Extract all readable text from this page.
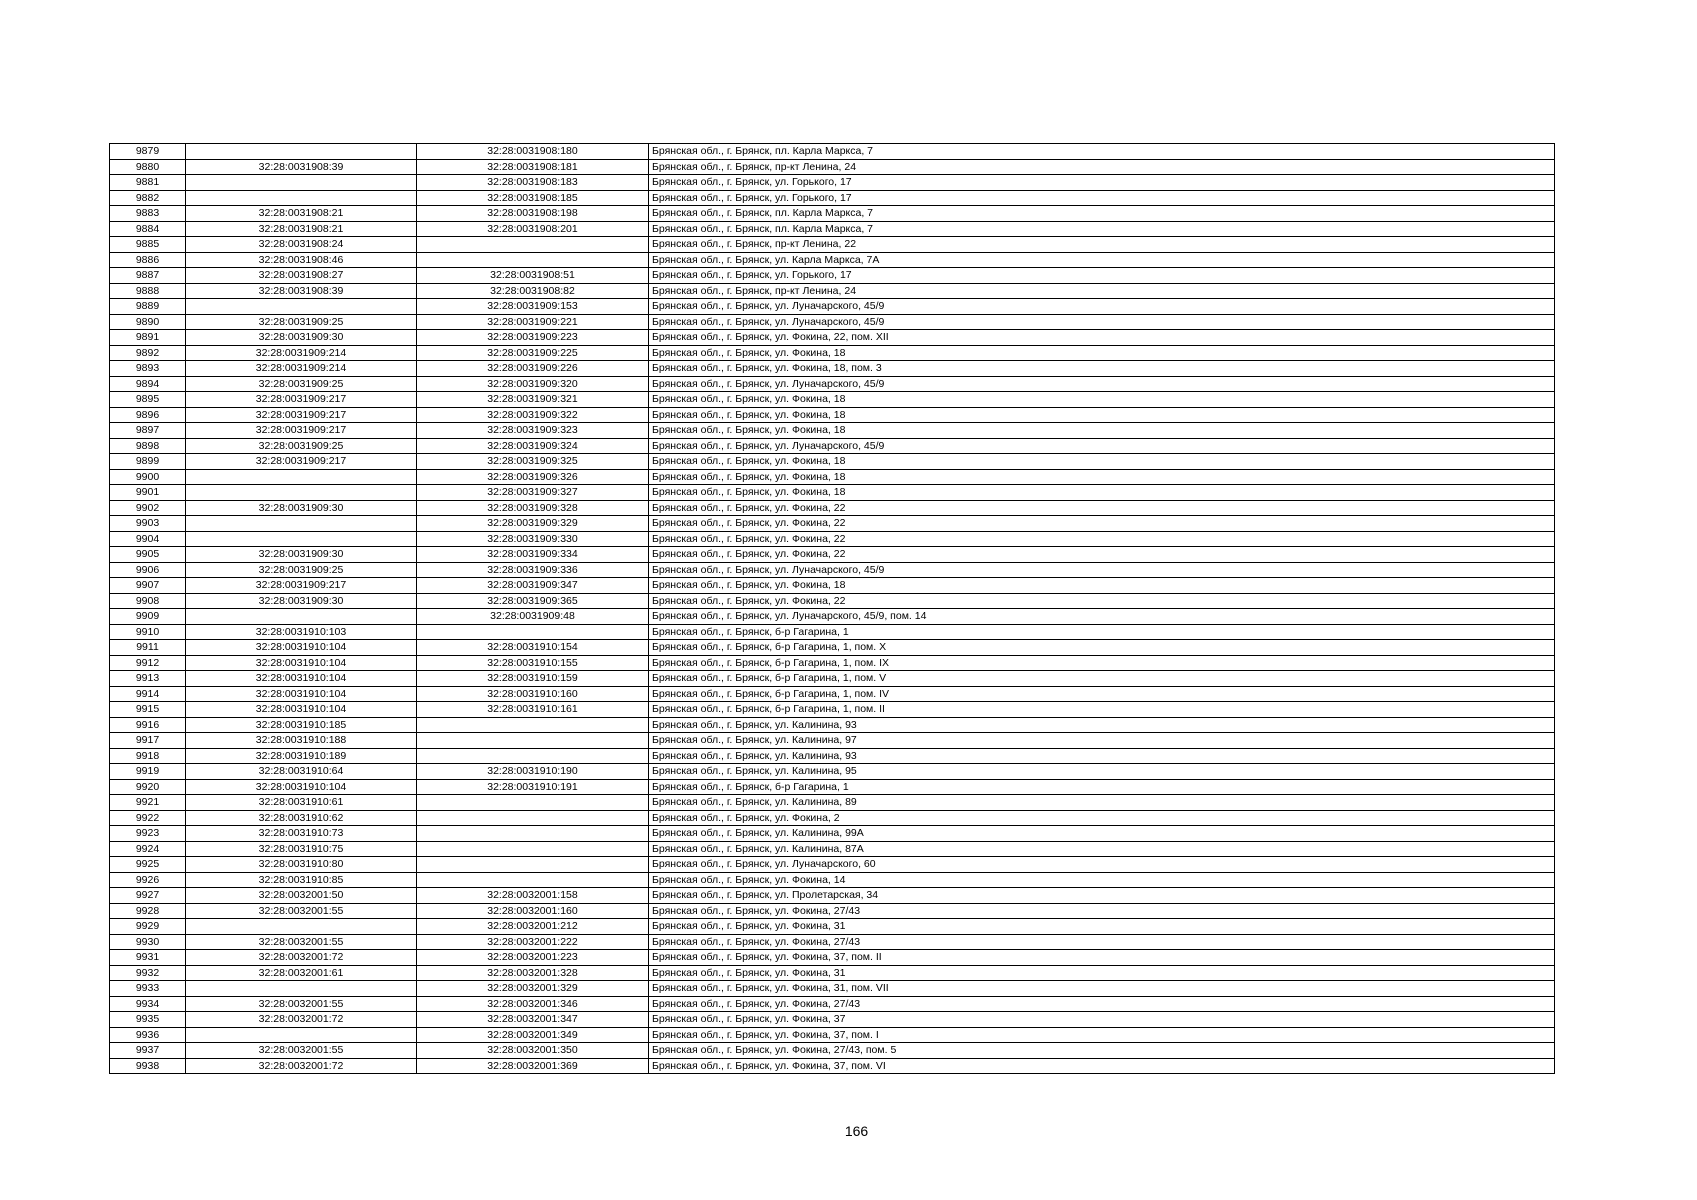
9879		32:28:0031908:180	Брянская обл., г. Брянск, пл. Карла Маркса, 7
9880	32:28:0031908:39	32:28:0031908:181	Брянская обл., г. Брянск, пр-кт Ленина, 24
9881		32:28:0031908:183	Брянская обл., г. Брянск, ул. Горького, 17
9882		32:28:0031908:185	Брянская обл., г. Брянск, ул. Горького, 17
9883	32:28:0031908:21	32:28:0031908:198	Брянская обл., г. Брянск, пл. Карла Маркса, 7
9884	32:28:0031908:21	32:28:0031908:201	Брянская обл., г. Брянск, пл. Карла Маркса, 7
9885	32:28:0031908:24		Брянская обл., г. Брянск, пр-кт Ленина, 22
9886	32:28:0031908:46		Брянская обл., г. Брянск, ул. Карла Маркса, 7А
9887	32:28:0031908:27	32:28:0031908:51	Брянская обл., г. Брянск, ул. Горького, 17
9888	32:28:0031908:39	32:28:0031908:82	Брянская обл., г. Брянск, пр-кт Ленина, 24
9889		32:28:0031909:153	Брянская обл., г. Брянск, ул. Луначарского, 45/9
9890	32:28:0031909:25	32:28:0031909:221	Брянская обл., г. Брянск, ул. Луначарского, 45/9
9891	32:28:0031909:30	32:28:0031909:223	Брянская обл., г. Брянск, ул. Фокина, 22, пом. XII
9892	32:28:0031909:214	32:28:0031909:225	Брянская обл., г. Брянск, ул. Фокина, 18
9893	32:28:0031909:214	32:28:0031909:226	Брянская обл., г. Брянск, ул. Фокина, 18, пом. 3
9894	32:28:0031909:25	32:28:0031909:320	Брянская обл., г. Брянск, ул. Луначарского, 45/9
9895	32:28:0031909:217	32:28:0031909:321	Брянская обл., г. Брянск, ул. Фокина, 18
9896	32:28:0031909:217	32:28:0031909:322	Брянская обл., г. Брянск, ул. Фокина, 18
9897	32:28:0031909:217	32:28:0031909:323	Брянская обл., г. Брянск, ул. Фокина, 18
9898	32:28:0031909:25	32:28:0031909:324	Брянская обл., г. Брянск, ул. Луначарского, 45/9
9899	32:28:0031909:217	32:28:0031909:325	Брянская обл., г. Брянск, ул. Фокина, 18
9900		32:28:0031909:326	Брянская обл., г. Брянск, ул. Фокина, 18
9901		32:28:0031909:327	Брянская обл., г. Брянск, ул. Фокина, 18
9902	32:28:0031909:30	32:28:0031909:328	Брянская обл., г. Брянск, ул. Фокина, 22
9903		32:28:0031909:329	Брянская обл., г. Брянск, ул. Фокина, 22
9904		32:28:0031909:330	Брянская обл., г. Брянск, ул. Фокина, 22
9905	32:28:0031909:30	32:28:0031909:334	Брянская обл., г. Брянск, ул. Фокина, 22
9906	32:28:0031909:25	32:28:0031909:336	Брянская обл., г. Брянск, ул. Луначарского, 45/9
9907	32:28:0031909:217	32:28:0031909:347	Брянская обл., г. Брянск, ул. Фокина, 18
9908	32:28:0031909:30	32:28:0031909:365	Брянская обл., г. Брянск, ул. Фокина, 22
9909		32:28:0031909:48	Брянская обл., г. Брянск, ул. Луначарского, 45/9, пом. 14
9910	32:28:0031910:103		Брянская обл., г. Брянск, б-р Гагарина, 1
9911	32:28:0031910:104	32:28:0031910:154	Брянская обл., г. Брянск, б-р Гагарина, 1, пом. X
9912	32:28:0031910:104	32:28:0031910:155	Брянская обл., г. Брянск, б-р Гагарина, 1, пом. IX
9913	32:28:0031910:104	32:28:0031910:159	Брянская обл., г. Брянск, б-р Гагарина, 1, пом. V
9914	32:28:0031910:104	32:28:0031910:160	Брянская обл., г. Брянск, б-р Гагарина, 1, пом. IV
9915	32:28:0031910:104	32:28:0031910:161	Брянская обл., г. Брянск, б-р Гагарина, 1, пом. II
9916	32:28:0031910:185		Брянская обл., г. Брянск, ул. Калинина, 93
9917	32:28:0031910:188		Брянская обл., г. Брянск, ул. Калинина, 97
9918	32:28:0031910:189		Брянская обл., г. Брянск, ул. Калинина, 93
9919	32:28:0031910:64	32:28:0031910:190	Брянская обл., г. Брянск, ул. Калинина, 95
9920	32:28:0031910:104	32:28:0031910:191	Брянская обл., г. Брянск, б-р Гагарина, 1
9921	32:28:0031910:61		Брянская обл., г. Брянск, ул. Калинина, 89
9922	32:28:0031910:62		Брянская обл., г. Брянск, ул. Фокина, 2
9923	32:28:0031910:73		Брянская обл., г. Брянск, ул. Калинина, 99А
9924	32:28:0031910:75		Брянская обл., г. Брянск, ул. Калинина, 87А
9925	32:28:0031910:80		Брянская обл., г. Брянск, ул. Луначарского, 60
9926	32:28:0031910:85		Брянская обл., г. Брянск, ул. Фокина, 14
9927	32:28:0032001:50	32:28:0032001:158	Брянская обл., г. Брянск, ул. Пролетарская, 34
9928	32:28:0032001:55	32:28:0032001:160	Брянская обл., г. Брянск, ул. Фокина, 27/43
9929		32:28:0032001:212	Брянская обл., г. Брянск, ул. Фокина, 31
9930	32:28:0032001:55	32:28:0032001:222	Брянская обл., г. Брянск, ул. Фокина, 27/43
9931	32:28:0032001:72	32:28:0032001:223	Брянская обл., г. Брянск, ул. Фокина, 37, пом. II
9932	32:28:0032001:61	32:28:0032001:328	Брянская обл., г. Брянск, ул. Фокина, 31
9933		32:28:0032001:329	Брянская обл., г. Брянск, ул. Фокина, 31, пом. VII
9934	32:28:0032001:55	32:28:0032001:346	Брянская обл., г. Брянск, ул. Фокина, 27/43
9935	32:28:0032001:72	32:28:0032001:347	Брянская обл., г. Брянск, ул. Фокина, 37
9936		32:28:0032001:349	Брянская обл., г. Брянск, ул. Фокина, 37, пом. I
9937	32:28:0032001:55	32:28:0032001:350	Брянская обл., г. Брянск, ул. Фокина, 27/43, пом. 5
9938	32:28:0032001:72	32:28:0032001:369	Брянская обл., г. Брянск, ул. Фокина, 37, пом. VI
166
